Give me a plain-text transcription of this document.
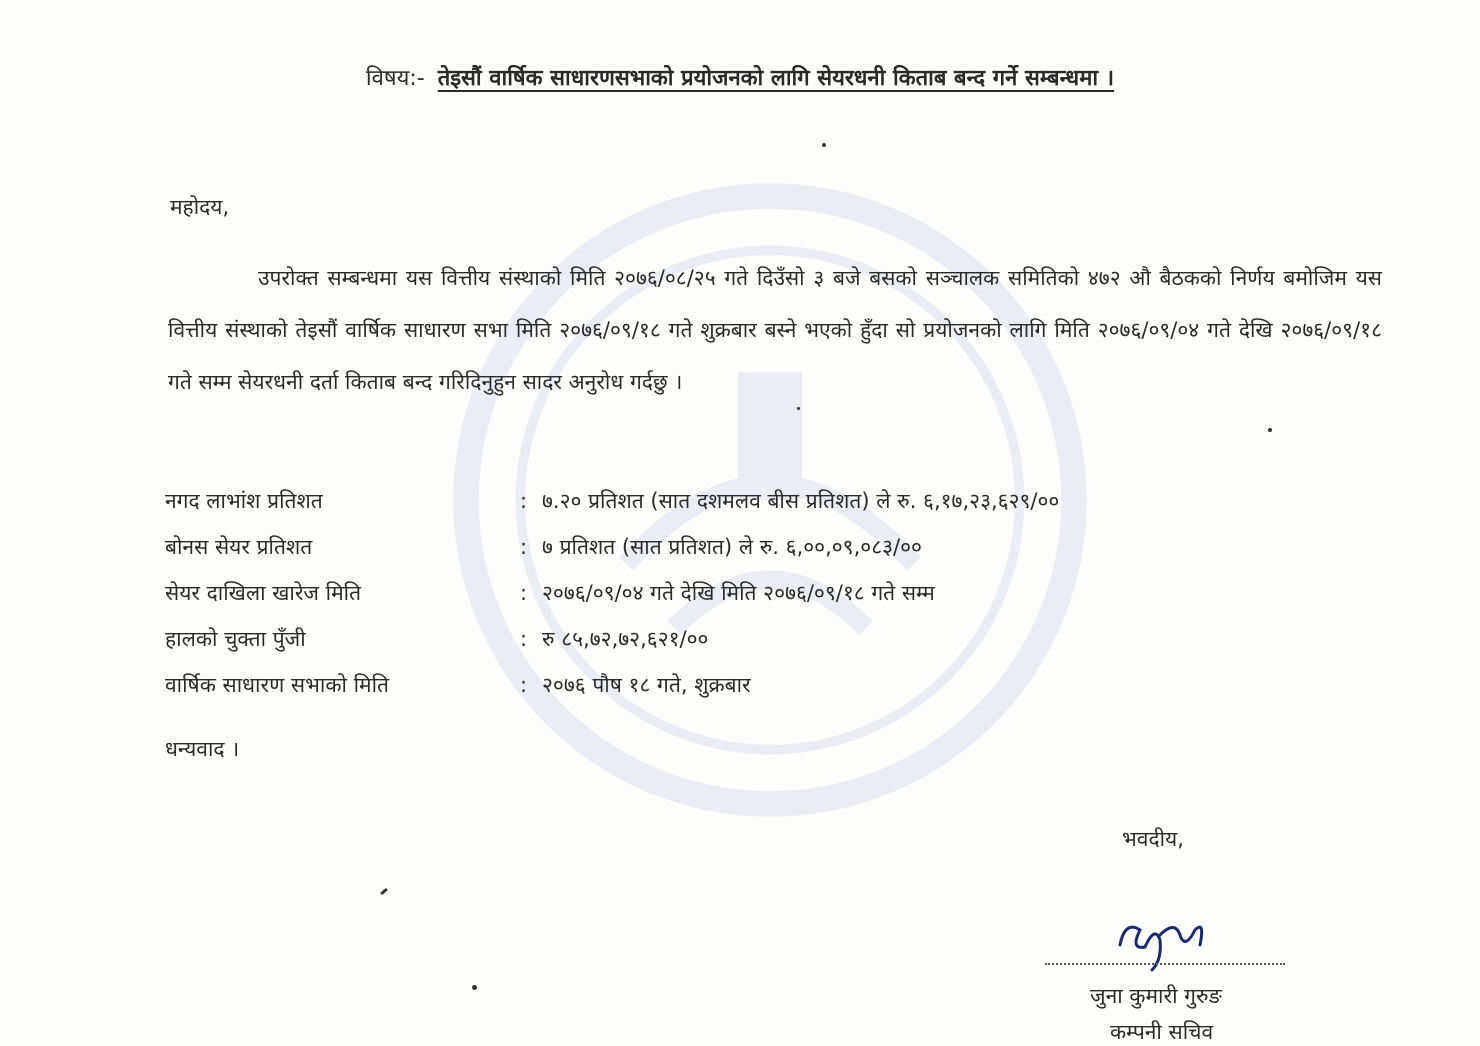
विषय:- तेइसौं वार्षिक साधारणसभाको प्रयोजनको लागि सेयरधनी किताब बन्द गर्ने सम्बन्धमा ।
महोदय,
उपरोक्त सम्बन्धमा यस वित्तीय संस्थाको मिति २०७६/०८/२५ गते दिउँसो ३ बजे बसको सञ्चालक समितिको ४७२ औ बैठकको निर्णय बमोजिम यस वित्तीय संस्थाको तेइसौं वार्षिक साधारण सभा मिति २०७६/०९/१८ गते शुक्रबार बस्ने भएको हुँदा सो प्रयोजनको लागि मिति २०७६/०९/०४ गते देखि २०७६/०९/१८ गते सम्म सेयरधनी दर्ता किताब बन्द गरिदिनुहुन सादर अनुरोध गर्दछु ।
नगद लाभांश प्रतिशत	: ७.२० प्रतिशत (सात दशमलव बीस प्रतिशत) ले रु. ६,१७,२३,६२९/००
बोनस सेयर प्रतिशत	: ७ प्रतिशत (सात प्रतिशत) ले रु. ६,००,०९,०८३/००
सेयर दाखिला खारेज मिति	: २०७६/०९/०४ गते देखि मिति २०७६/०९/१८ गते सम्म
हालको चुक्ता पुँजी	: रु ८५,७२,७२,६२१/००
वार्षिक साधारण सभाको मिति	: २०७६ पौष १८ गते, शुक्रबार
धन्यवाद ।
भवदीय,
जुना कुमारी गुरुङ
कम्पनी सचिव
